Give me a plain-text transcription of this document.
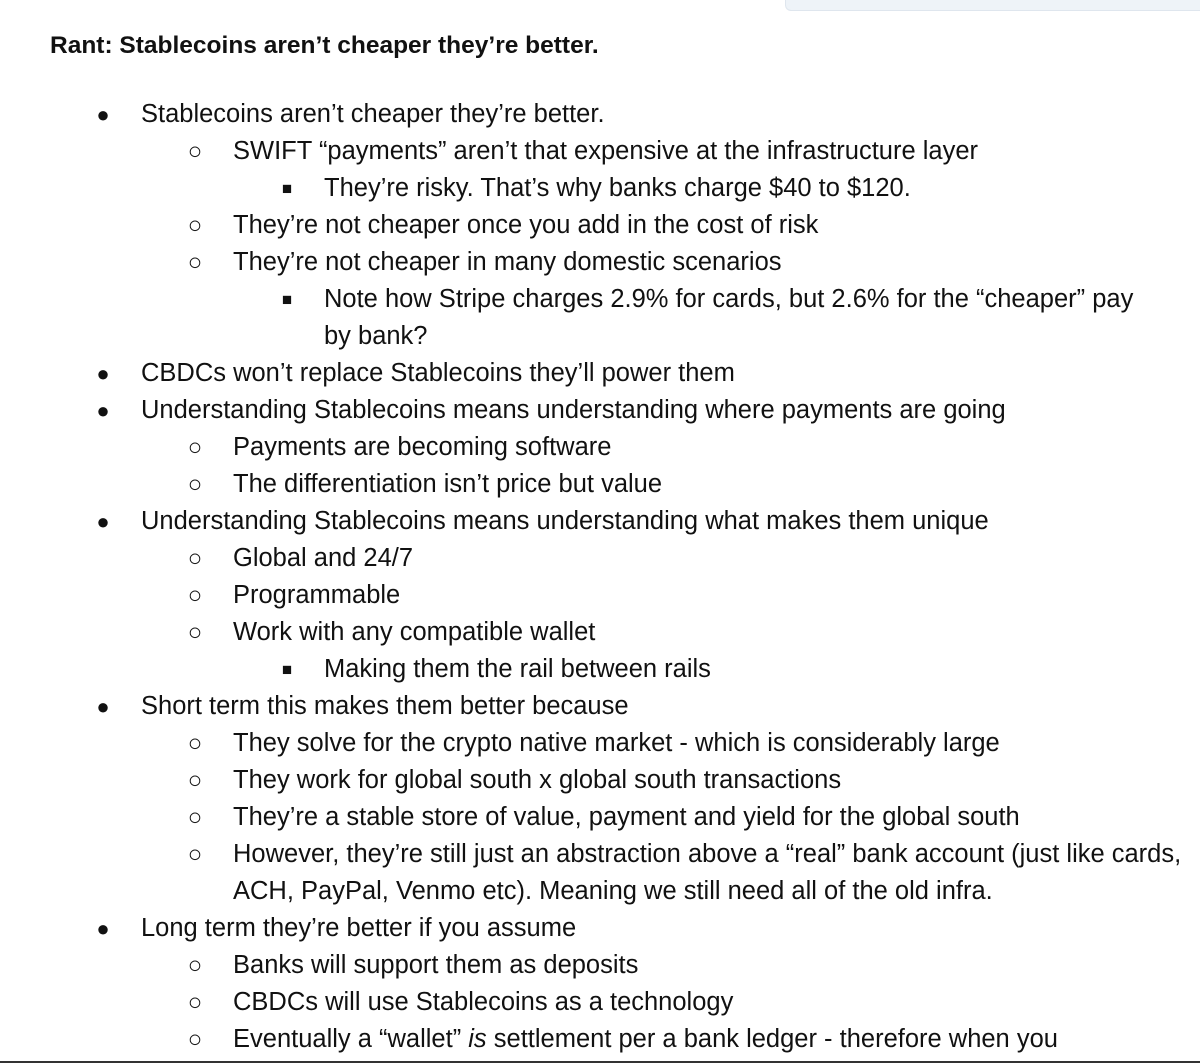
Rant: Stablecoins aren’t cheaper they’re better.
●	Stablecoins aren’t cheaper they’re better.
○	SWIFT “payments” aren’t that expensive at the infrastructure layer
■	They’re risky. That’s why banks charge $40 to $120.
○	They’re not cheaper once you add in the cost of risk
○	They’re not cheaper in many domestic scenarios
■	Note how Stripe charges 2.9% for cards, but 2.6% for the “cheaper” pay by bank?
●	CBDCs won’t replace Stablecoins they’ll power them
●	Understanding Stablecoins means understanding where payments are going
○	Payments are becoming software
○	The differentiation isn’t price but value
●	Understanding Stablecoins means understanding what makes them unique
○	Global and 24/7
○	Programmable
○	Work with any compatible wallet
■	Making them the rail between rails
●	Short term this makes them better because
○	They solve for the crypto native market - which is considerably large
○	They work for global south x global south transactions
○	They’re a stable store of value, payment and yield for the global south
○	However, they’re still just an abstraction above a “real” bank account (just like cards, ACH, PayPal, Venmo etc). Meaning we still need all of the old infra.
●	Long term they’re better if you assume
○	Banks will support them as deposits
○	CBDCs will use Stablecoins as a technology
○	Eventually a “wallet” is settlement per a bank ledger - therefore when you
